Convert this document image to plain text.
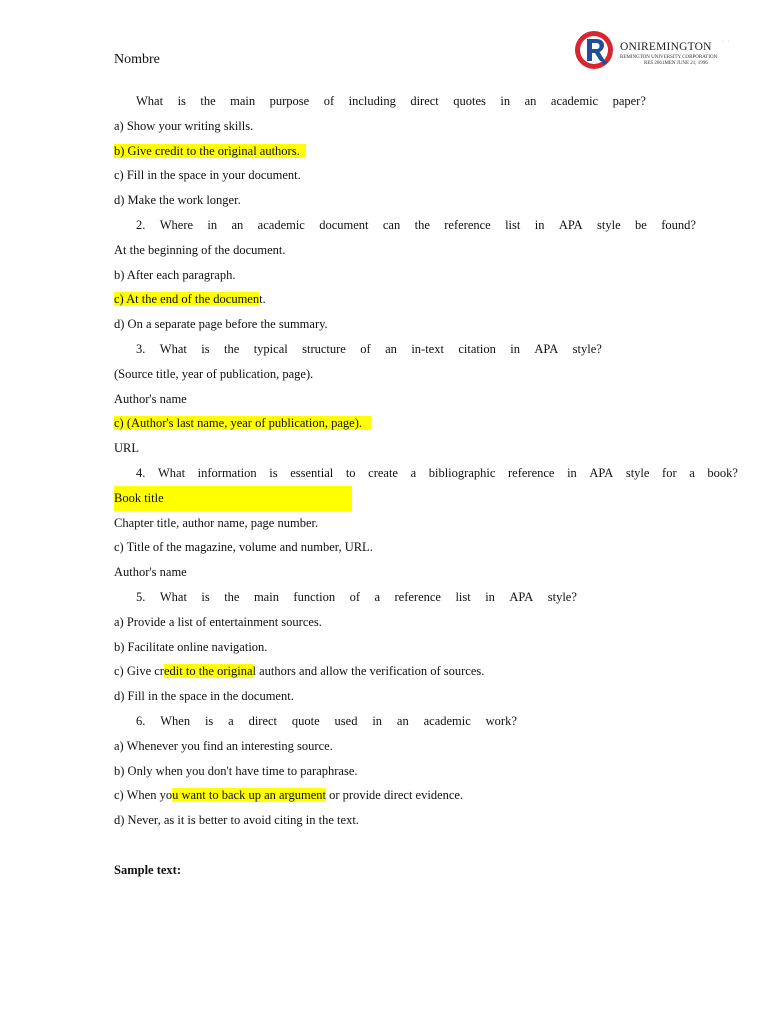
Nombre
ONIREMINGTON · ·
REMINGTON UNIVERSITY CORPORATION
RES 2661MEN JUNE 21, 1996
What is the main purpose of including direct quotes in an academic paper?
a) Show your writing skills.
b) Give credit to the original authors.
c) Fill in the space in your document.
d) Make the work longer.
2. Where in an academic document can the reference list in APA style be found?
At the beginning of the document.
b) After each paragraph.
c) At the end of the document.
d) On a separate page before the summary.
3. What is the typical structure of an in-text citation in APA style?
(Source title, year of publication, page).
Author's name
c) (Author's last name, year of publication, page).
URL
4. What information is essential to create a bibliographic reference in APA style for a book?
Book title
Chapter title, author name, page number.
c) Title of the magazine, volume and number, URL.
Author's name
5. What is the main function of a reference list in APA style?
a) Provide a list of entertainment sources.
b) Facilitate online navigation.
c) Give credit to the original authors and allow the verification of sources.
d) Fill in the space in the document.
6. When is a direct quote used in an academic work?
a) Whenever you find an interesting source.
b) Only when you don't have time to paraphrase.
c) When you want to back up an argument or provide direct evidence.
d) Never, as it is better to avoid citing in the text.
Sample text:
